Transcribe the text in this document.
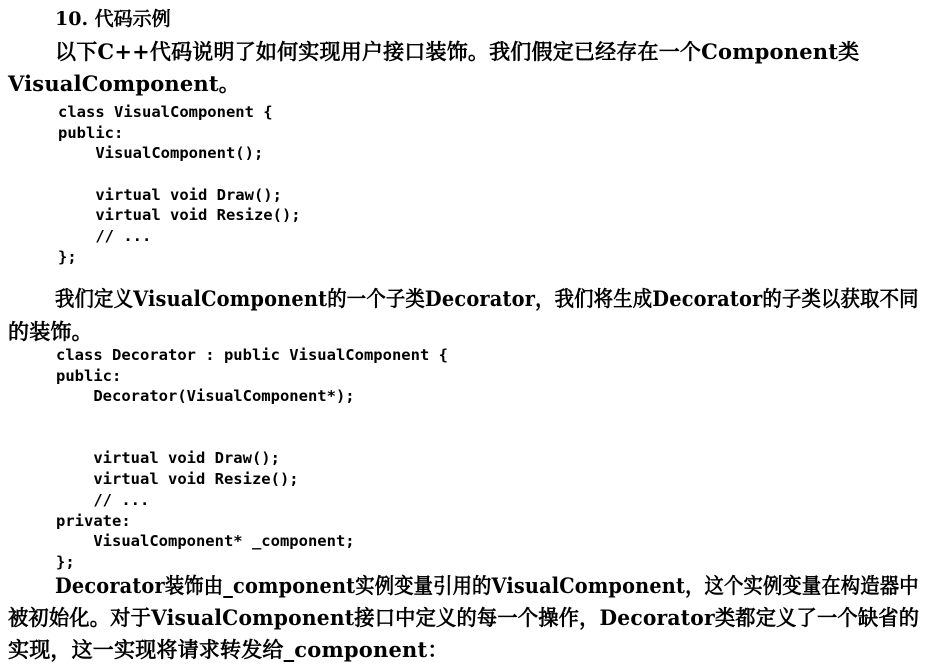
10. 代码示例
以下C++代码说明了如何实现用户接口装饰。我们假定已经存在一个Component类
VisualComponent。
class VisualComponent {
public:
VisualComponent();
virtual void Draw();
virtual void Resize();
// ...
};
我们定义VisualComponent的一个子类Decorator，我们将生成Decorator的子类以获取不同
的装饰。
class Decorator : public VisualComponent {
public:
Decorator(VisualComponent*);
virtual void Draw();
virtual void Resize();
// ...
private:
VisualComponent* _component;
};
Decorator装饰由_component实例变量引用的VisualComponent，这个实例变量在构造器中
被初始化。对于VisualComponent接口中定义的每一个操作，Decorator类都定义了一个缺省的
实现，这一实现将请求转发给_component：
